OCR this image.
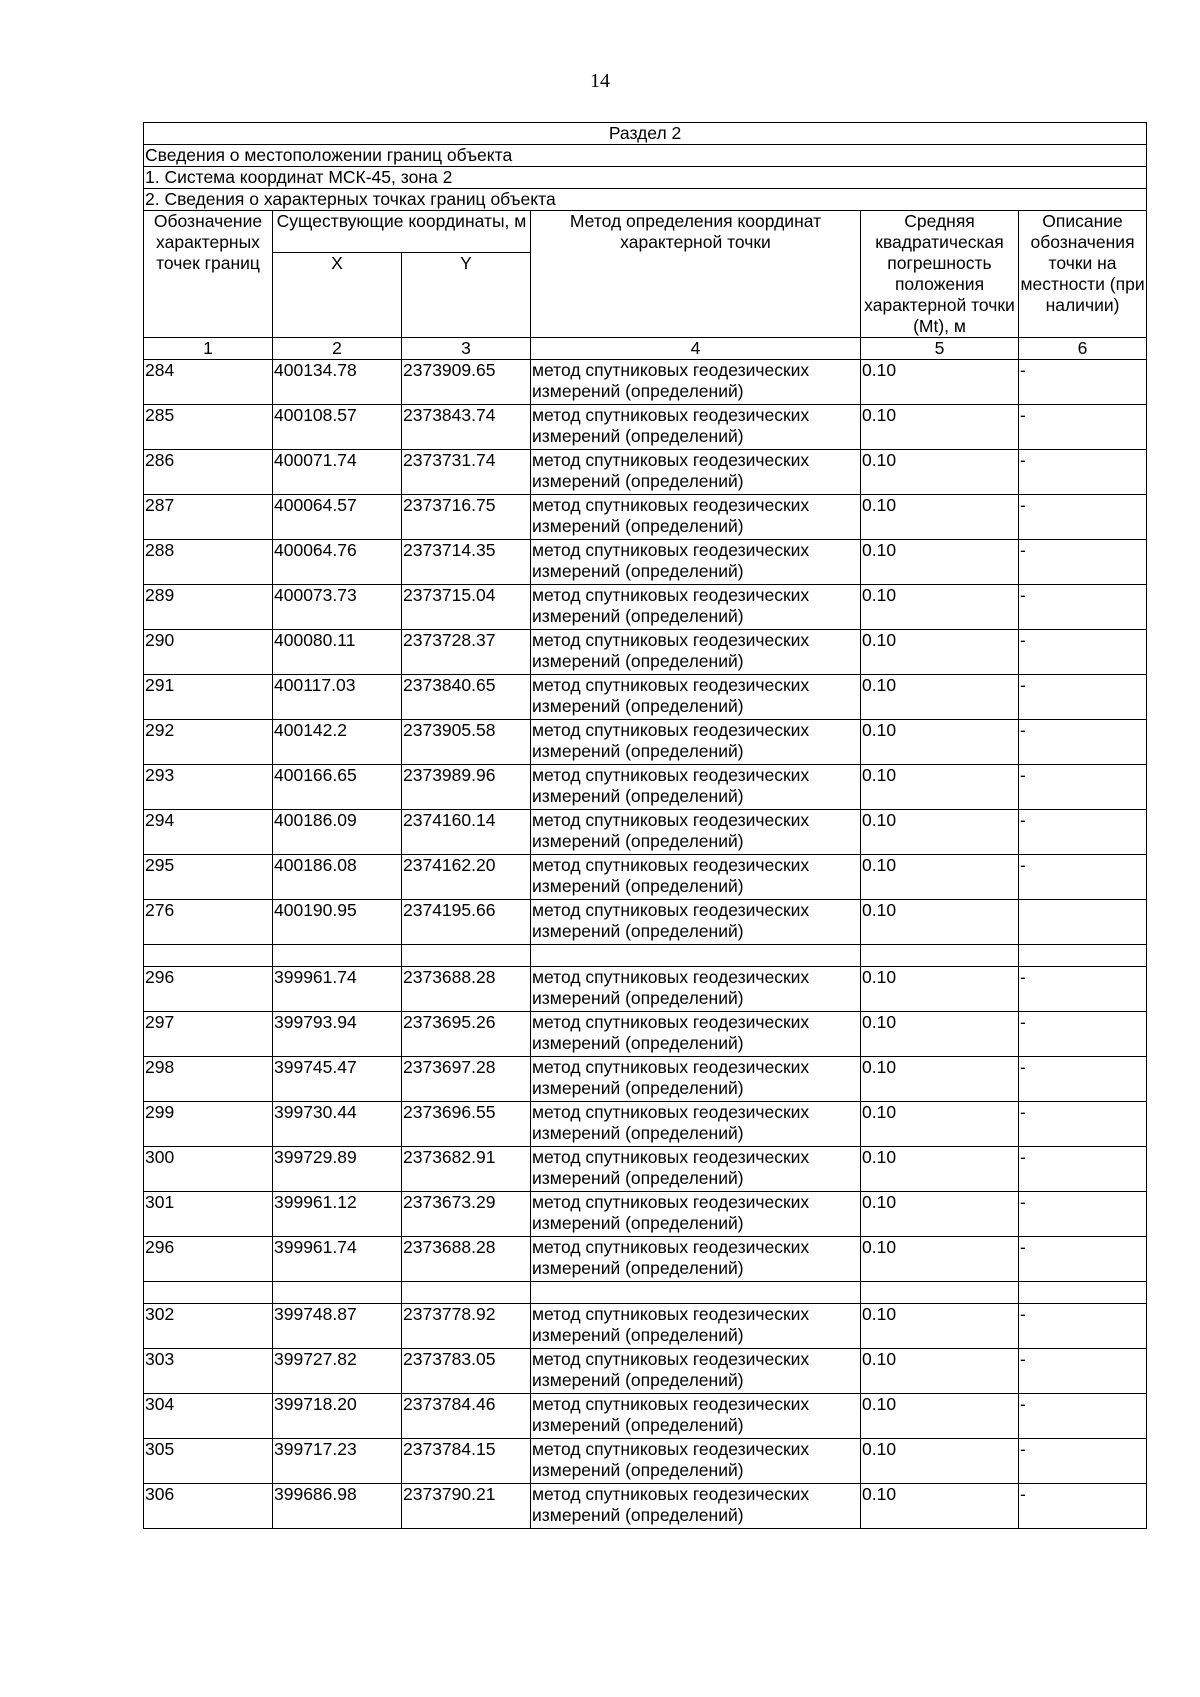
14
Раздел 2					
Сведения о местоположении границ объекта					
1. Система координат МСК-45, зона 2					
2. Сведения о характерных точках границ объекта					
Обозначение характерных точек границ	Существующие координаты, м		Метод определения координат характерной точки	Средняя квадратическая погрешность положения характерной точки (Mt), м	Описание обозначения точки на местности (при наличии)
	X	Y			
1	2	3	4	5	6
284	400134.78	2373909.65	метод спутниковых геодезических измерений (определений)	0.10	-
285	400108.57	2373843.74	метод спутниковых геодезических измерений (определений)	0.10	-
286	400071.74	2373731.74	метод спутниковых геодезических измерений (определений)	0.10	-
287	400064.57	2373716.75	метод спутниковых геодезических измерений (определений)	0.10	-
288	400064.76	2373714.35	метод спутниковых геодезических измерений (определений)	0.10	-
289	400073.73	2373715.04	метод спутниковых геодезических измерений (определений)	0.10	-
290	400080.11	2373728.37	метод спутниковых геодезических измерений (определений)	0.10	-
291	400117.03	2373840.65	метод спутниковых геодезических измерений (определений)	0.10	-
292	400142.2	2373905.58	метод спутниковых геодезических измерений (определений)	0.10	-
293	400166.65	2373989.96	метод спутниковых геодезических измерений (определений)	0.10	-
294	400186.09	2374160.14	метод спутниковых геодезических измерений (определений)	0.10	-
295	400186.08	2374162.20	метод спутниковых геодезических измерений (определений)	0.10	-
276	400190.95	2374195.66	метод спутниковых геодезических измерений (определений)	0.10	

296	399961.74	2373688.28	метод спутниковых геодезических измерений (определений)	0.10	-
297	399793.94	2373695.26	метод спутниковых геодезических измерений (определений)	0.10	-
298	399745.47	2373697.28	метод спутниковых геодезических измерений (определений)	0.10	-
299	399730.44	2373696.55	метод спутниковых геодезических измерений (определений)	0.10	-
300	399729.89	2373682.91	метод спутниковых геодезических измерений (определений)	0.10	-
301	399961.12	2373673.29	метод спутниковых геодезических измерений (определений)	0.10	-
296	399961.74	2373688.28	метод спутниковых геодезических измерений (определений)	0.10	-

302	399748.87	2373778.92	метод спутниковых геодезических измерений (определений)	0.10	-
303	399727.82	2373783.05	метод спутниковых геодезических измерений (определений)	0.10	-
304	399718.20	2373784.46	метод спутниковых геодезических измерений (определений)	0.10	-
305	399717.23	2373784.15	метод спутниковых геодезических измерений (определений)	0.10	-
306	399686.98	2373790.21	метод спутниковых геодезических измерений (определений)	0.10	-
